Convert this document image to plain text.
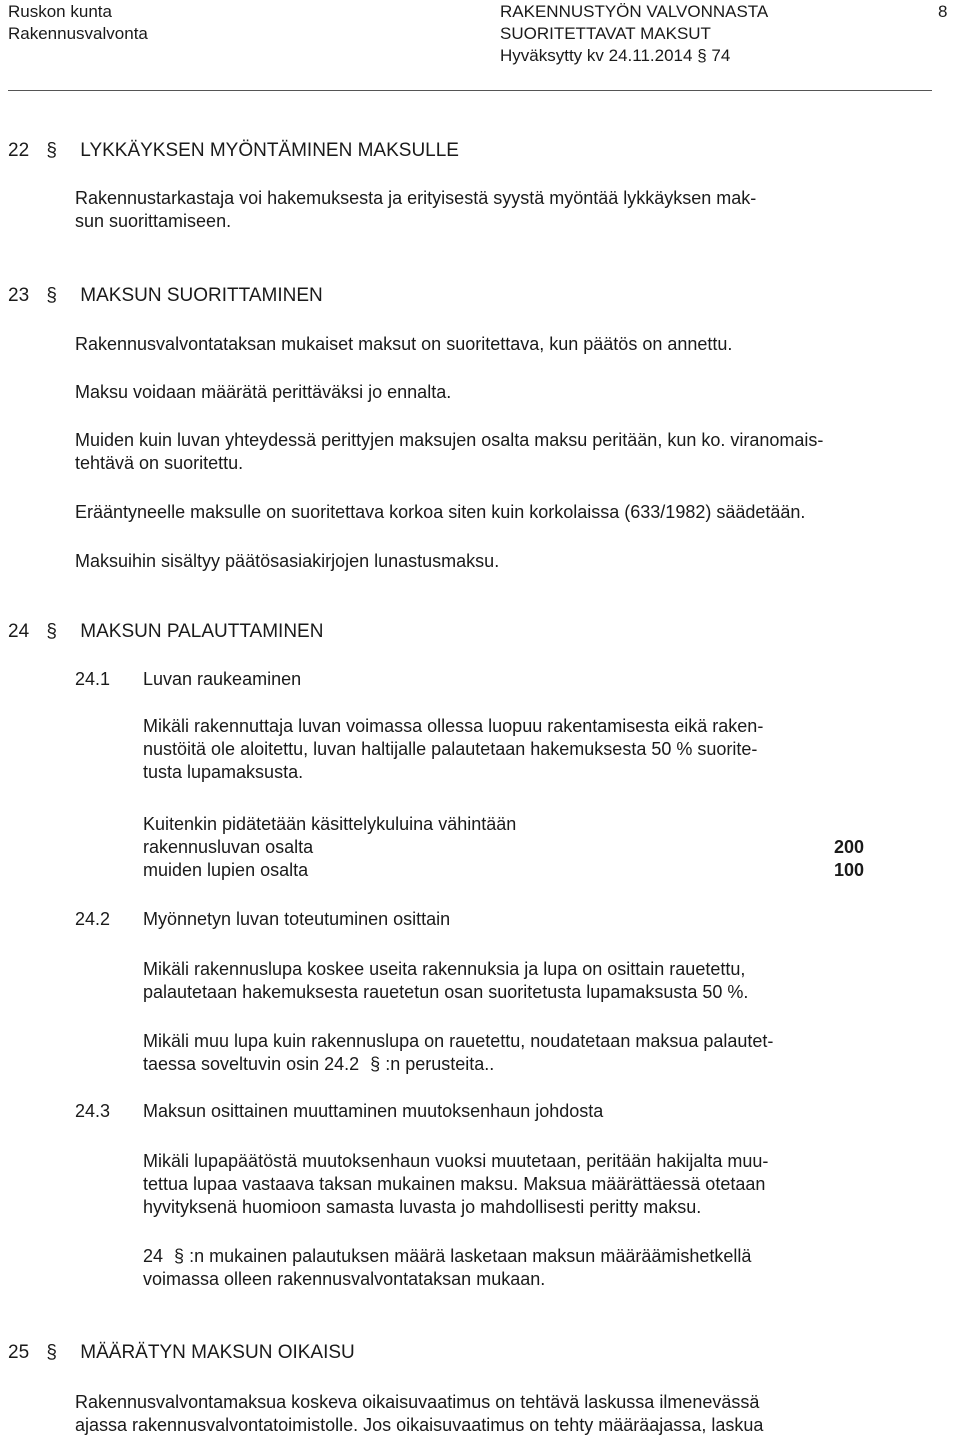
Ruskon kunta
Rakennusvalvonta
RAKENNUSTYÖN VALVONNASTA
SUORITETTAVAT MAKSUT
Hyväksytty kv 24.11.2014 § 74
8
22 § LYKKÄYKSEN MYÖNTÄMINEN MAKSULLE
Rakennustarkastaja voi hakemuksesta ja erityisestä syystä myöntää lykkäyksen mak-
sun suorittamiseen.
23 § MAKSUN SUORITTAMINEN
Rakennusvalvontataksan mukaiset maksut on suoritettava, kun päätös on annettu.
Maksu voidaan määrätä perittäväksi jo ennalta.
Muiden kuin luvan yhteydessä perittyjen maksujen osalta maksu peritään, kun ko. viranomais-
tehtävä on suoritettu.
Erääntyneelle maksulle on suoritettava korkoa siten kuin korkolaissa (633/1982) säädetään.
Maksuihin sisältyy päätösasiakirjojen lunastusmaksu.
24 § MAKSUN PALAUTTAMINEN
24.1 Luvan raukeaminen
Mikäli rakennuttaja luvan voimassa ollessa luopuu rakentamisesta eikä raken-
nustöitä ole aloitettu, luvan haltijalle palautetaan hakemuksesta 50 % suorite-
tusta lupamaksusta.
Kuitenkin pidätetään käsittelykuluina vähintään
rakennusluvan osalta	200
muiden lupien osalta	100
24.2 Myönnetyn luvan toteutuminen osittain
Mikäli rakennuslupa koskee useita rakennuksia ja lupa on osittain rauetettu,
palautetaan hakemuksesta rauetetun osan suoritetusta lupamaksusta 50 %.
Mikäli muu lupa kuin rakennuslupa on rauetettu, noudatetaan maksua palautet-
taessa soveltuvin osin 24.2 § :n perusteita..
24.3 Maksun osittainen muuttaminen muutoksenhaun johdosta
Mikäli lupapäätöstä muutoksenhaun vuoksi muutetaan, peritään hakijalta muu-
tettua lupaa vastaava taksan mukainen maksu. Maksua määrättäessä otetaan
hyvityksenä huomioon samasta luvasta jo mahdollisesti peritty maksu.
24 § :n mukainen palautuksen määrä lasketaan maksun määräämishetkellä
voimassa olleen rakennusvalvontataksan mukaan.
25 § MÄÄRÄTYN MAKSUN OIKAISU
Rakennusvalvontamaksua koskeva oikaisuvaatimus on tehtävä laskussa ilmenevässä
ajassa rakennusvalvontatoimistolle. Jos oikaisuvaatimus on tehty määräajassa, laskua
